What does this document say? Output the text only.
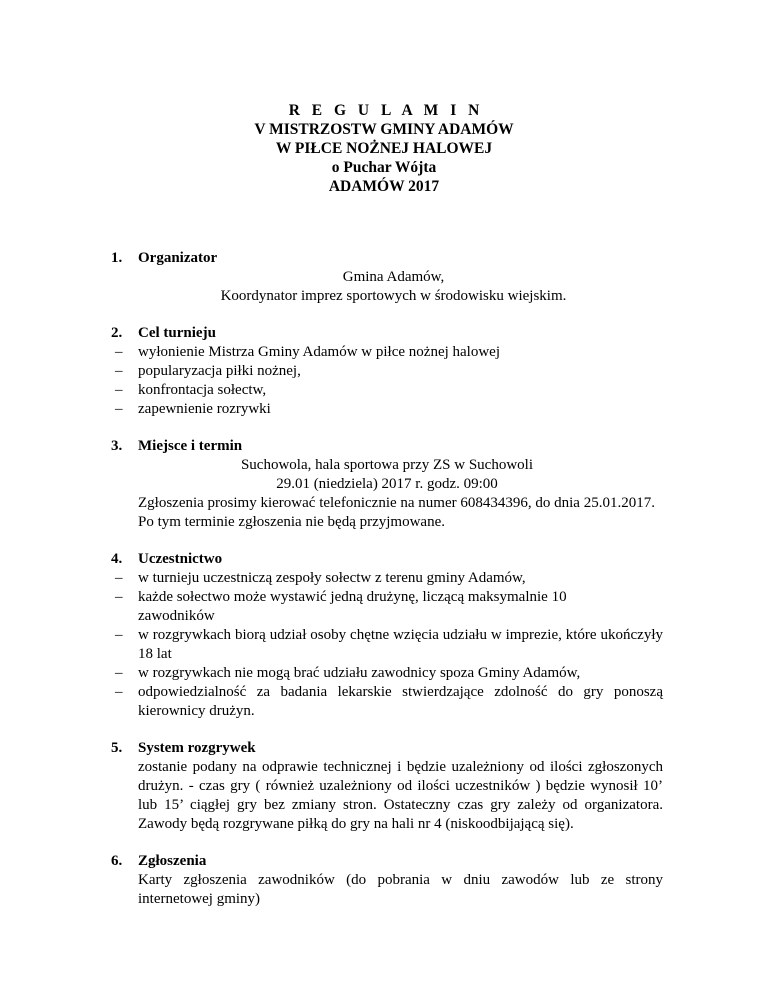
R E G U L A M I N
V MISTRZOSTW GMINY ADAMÓW
W PIŁCE NOŻNEJ HALOWEJ
o Puchar Wójta
ADAMÓW 2017
1. Organizator
Gmina Adamów,
Koordynator imprez sportowych w środowisku wiejskim.
2. Cel turnieju
– wyłonienie Mistrza Gminy Adamów w piłce nożnej halowej
– popularyzacja piłki nożnej,
– konfrontacja sołectw,
– zapewnienie rozrywki
3. Miejsce i termin
Suchowola, hala sportowa przy ZS w Suchowoli
29.01 (niedziela) 2017 r. godz. 09:00
Zgłoszenia prosimy kierować telefonicznie na numer 608434396, do dnia 25.01.2017.
Po tym terminie zgłoszenia nie będą przyjmowane.
4. Uczestnictwo
– w turnieju uczestniczą zespoły sołectw z terenu gminy Adamów,
– każde sołectwo może wystawić jedną drużynę, liczącą maksymalnie 10 zawodników
– w rozgrywkach biorą udział osoby chętne wzięcia udziału w imprezie, które ukończyły 18 lat
– w rozgrywkach nie mogą brać udziału zawodnicy spoza Gminy Adamów,
– odpowiedzialność za badania lekarskie stwierdzające zdolność do gry ponoszą kierownicy drużyn.
5. System rozgrywek
zostanie podany na odprawie technicznej i będzie uzależniony od ilości zgłoszonych drużyn. - czas gry ( również uzależniony od ilości uczestników ) będzie wynosił 10’ lub 15’ ciągłej gry bez zmiany stron. Ostateczny czas gry zależy od organizatora. Zawody będą rozgrywane piłką do gry na hali nr 4 (niskoodbijającą się).
6. Zgłoszenia
Karty zgłoszenia zawodników (do pobrania w dniu zawodów lub ze strony internetowej gminy)
